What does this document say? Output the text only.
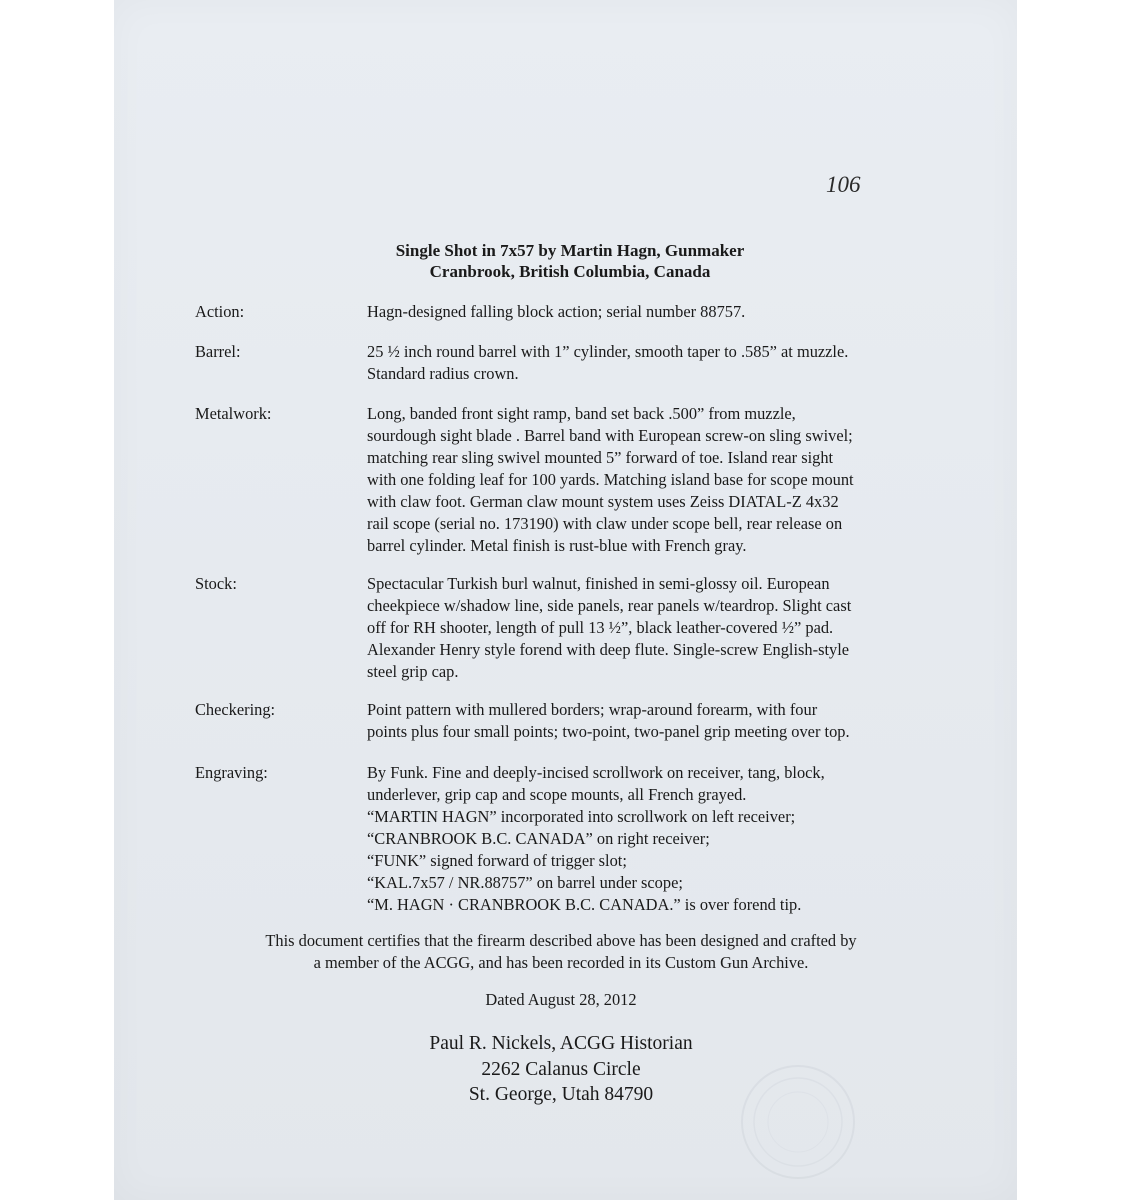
106
Single Shot in 7x57 by Martin Hagn, Gunmaker
Cranbrook, British Columbia, Canada
Action:	Hagn-designed falling block action; serial number 88757.
Barrel:	25 ½ inch round barrel with 1” cylinder, smooth taper to .585” at muzzle.
Standard radius crown.
Metalwork:	Long, banded front sight ramp, band set back .500” from muzzle,
sourdough sight blade . Barrel band with European screw-on sling swivel;
matching rear sling swivel mounted 5” forward of toe. Island rear sight
with one folding leaf for 100 yards. Matching island base for scope mount
with claw foot. German claw mount system uses Zeiss DIATAL-Z 4x32
rail scope (serial no. 173190) with claw under scope bell, rear release on
barrel cylinder. Metal finish is rust-blue with French gray.
Stock:	Spectacular Turkish burl walnut, finished in semi-glossy oil. European
cheekpiece w/shadow line, side panels, rear panels w/teardrop. Slight cast
off for RH shooter, length of pull 13 ½”, black leather-covered ½” pad.
Alexander Henry style forend with deep flute. Single-screw English-style
steel grip cap.
Checkering:	Point pattern with mullered borders; wrap-around forearm, with four
points plus four small points; two-point, two-panel grip meeting over top.
Engraving:	By Funk. Fine and deeply-incised scrollwork on receiver, tang, block,
underlever, grip cap and scope mounts, all French grayed.
“MARTIN HAGN” incorporated into scrollwork on left receiver;
“CRANBROOK B.C. CANADA” on right receiver;
“FUNK” signed forward of trigger slot;
“KAL.7x57 / NR.88757” on barrel under scope;
“M. HAGN · CRANBROOK B.C. CANADA.” is over forend tip.
This document certifies that the firearm described above has been designed and crafted by
a member of the ACGG, and has been recorded in its Custom Gun Archive.
Dated August 28, 2012
Paul R. Nickels, ACGG Historian
2262 Calanus Circle
St. George, Utah 84790
